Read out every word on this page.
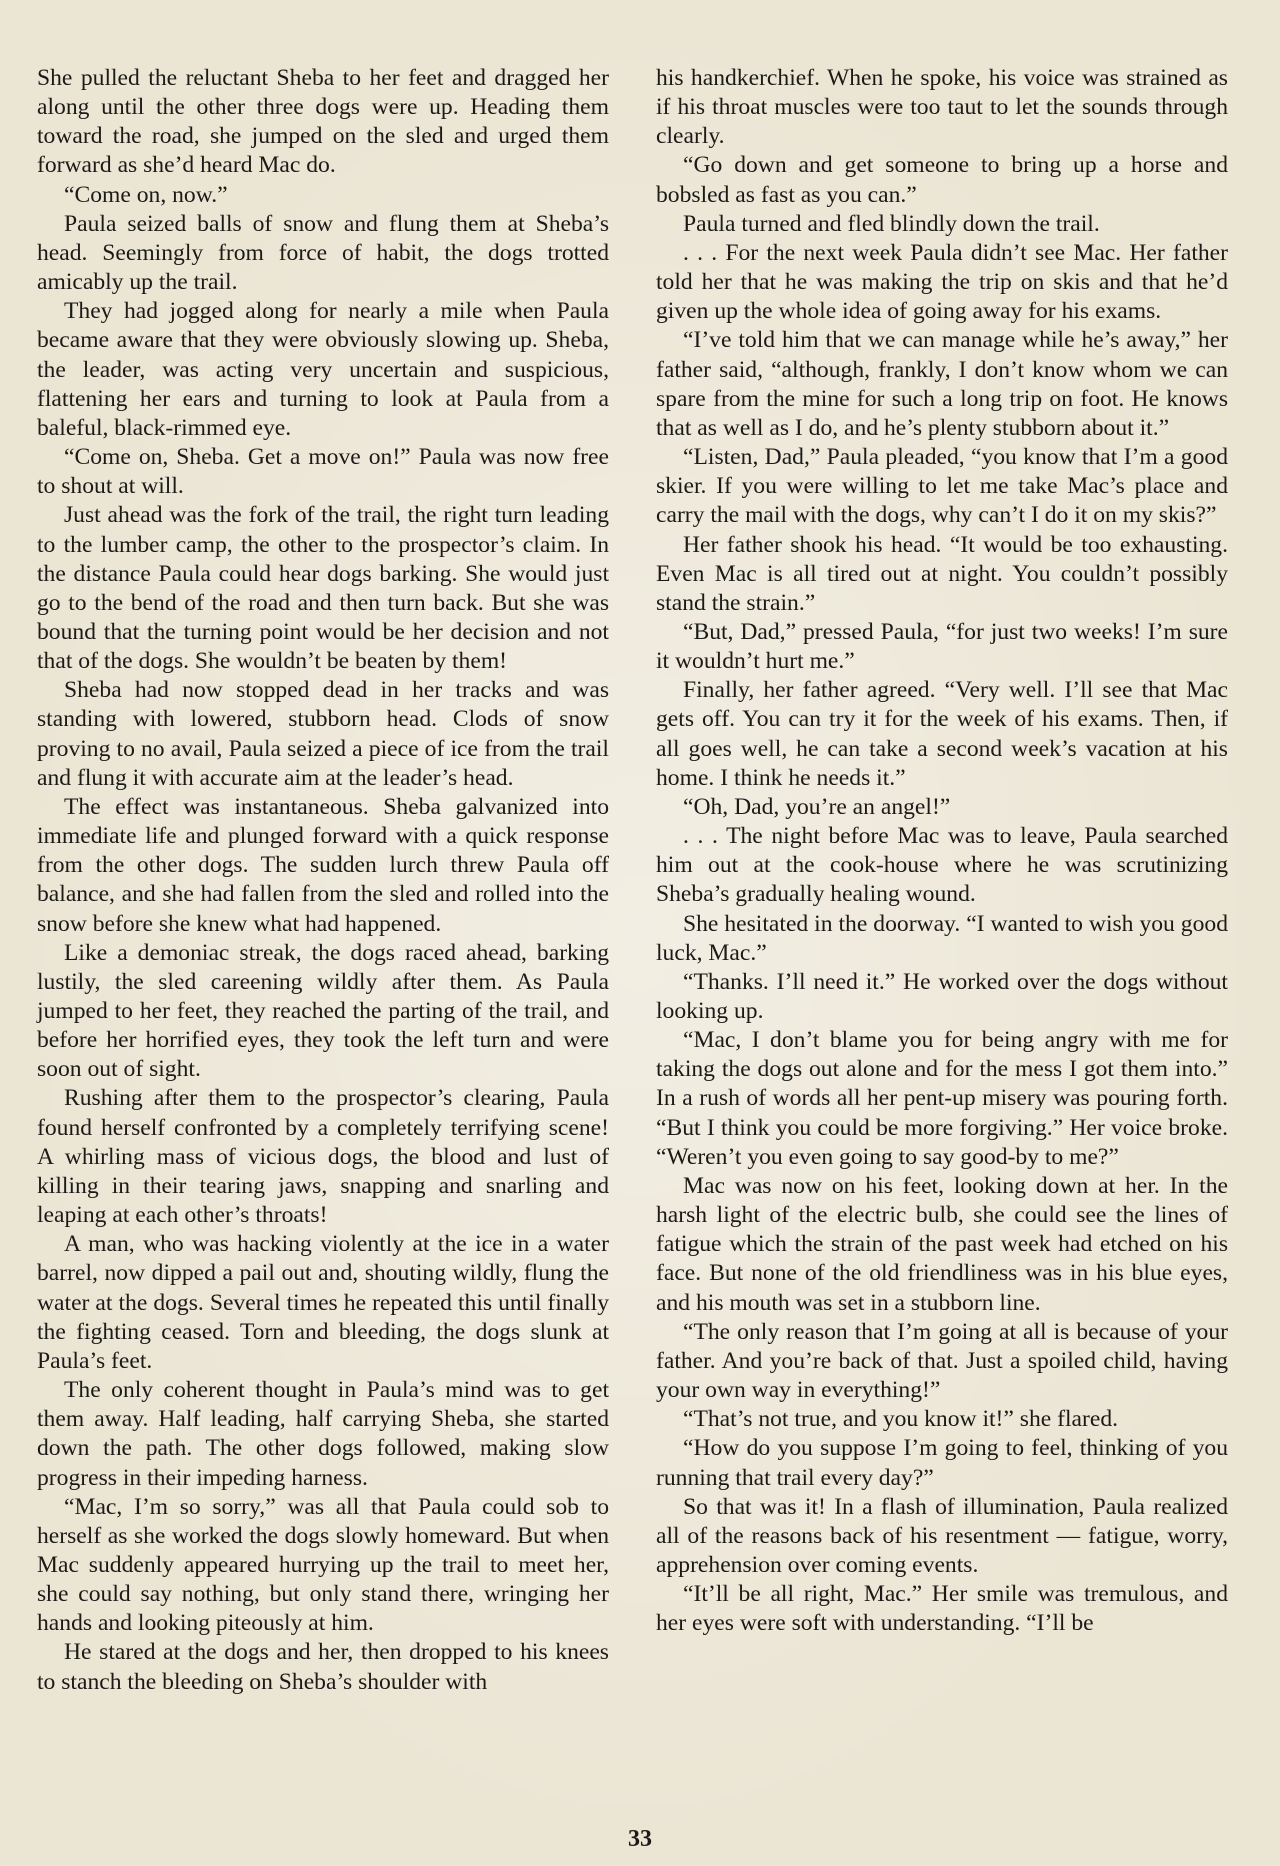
She pulled the reluctant Sheba to her feet and dragged her along until the other three dogs were up. Heading them toward the road, she jumped on the sled and urged them forward as she’d heard Mac do.

“Come on, now.”

Paula seized balls of snow and flung them at Sheba’s head. Seemingly from force of habit, the dogs trotted amicably up the trail.

They had jogged along for nearly a mile when Paula became aware that they were obviously slowing up. Sheba, the leader, was acting very uncertain and suspicious, flattening her ears and turning to look at Paula from a baleful, black-rimmed eye.

“Come on, Sheba. Get a move on!” Paula was now free to shout at will.

Just ahead was the fork of the trail, the right turn leading to the lumber camp, the other to the prospector’s claim. In the distance Paula could hear dogs barking. She would just go to the bend of the road and then turn back. But she was bound that the turning point would be her decision and not that of the dogs. She wouldn’t be beaten by them!

Sheba had now stopped dead in her tracks and was standing with lowered, stubborn head. Clods of snow proving to no avail, Paula seized a piece of ice from the trail and flung it with accurate aim at the leader’s head.

The effect was instantaneous. Sheba galvanized into immediate life and plunged forward with a quick response from the other dogs. The sudden lurch threw Paula off balance, and she had fallen from the sled and rolled into the snow before she knew what had happened.

Like a demoniac streak, the dogs raced ahead, barking lustily, the sled careening wildly after them. As Paula jumped to her feet, they reached the parting of the trail, and before her horrified eyes, they took the left turn and were soon out of sight.

Rushing after them to the prospector’s clearing, Paula found herself confronted by a completely terrifying scene! A whirling mass of vicious dogs, the blood and lust of killing in their tearing jaws, snapping and snarling and leaping at each other’s throats!

A man, who was hacking violently at the ice in a water barrel, now dipped a pail out and, shouting wildly, flung the water at the dogs. Several times he repeated this until finally the fighting ceased. Torn and bleeding, the dogs slunk at Paula’s feet.

The only coherent thought in Paula’s mind was to get them away. Half leading, half carrying Sheba, she started down the path. The other dogs followed, making slow progress in their impeding harness.

“Mac, I’m so sorry,” was all that Paula could sob to herself as she worked the dogs slowly homeward. But when Mac suddenly appeared hurrying up the trail to meet her, she could say nothing, but only stand there, wringing her hands and looking piteously at him.

He stared at the dogs and her, then dropped to his knees to stanch the bleeding on Sheba’s shoulder with

his handkerchief. When he spoke, his voice was strained as if his throat muscles were too taut to let the sounds through clearly.

“Go down and get someone to bring up a horse and bobsled as fast as you can.”

Paula turned and fled blindly down the trail.

. . . For the next week Paula didn’t see Mac. Her father told her that he was making the trip on skis and that he’d given up the whole idea of going away for his exams.

“I’ve told him that we can manage while he’s away,” her father said, “although, frankly, I don’t know whom we can spare from the mine for such a long trip on foot. He knows that as well as I do, and he’s plenty stubborn about it.”

“Listen, Dad,” Paula pleaded, “you know that I’m a good skier. If you were willing to let me take Mac’s place and carry the mail with the dogs, why can’t I do it on my skis?”

Her father shook his head. “It would be too exhausting. Even Mac is all tired out at night. You couldn’t possibly stand the strain.”

“But, Dad,” pressed Paula, “for just two weeks! I’m sure it wouldn’t hurt me.”

Finally, her father agreed. “Very well. I’ll see that Mac gets off. You can try it for the week of his exams. Then, if all goes well, he can take a second week’s vacation at his home. I think he needs it.”

“Oh, Dad, you’re an angel!”

. . . The night before Mac was to leave, Paula searched him out at the cook-house where he was scrutinizing Sheba’s gradually healing wound.

She hesitated in the doorway. “I wanted to wish you good luck, Mac.”

“Thanks. I’ll need it.” He worked over the dogs without looking up.

“Mac, I don’t blame you for being angry with me for taking the dogs out alone and for the mess I got them into.” In a rush of words all her pent-up misery was pouring forth. “But I think you could be more forgiving.” Her voice broke. “Weren’t you even going to say good-by to me?”

Mac was now on his feet, looking down at her. In the harsh light of the electric bulb, she could see the lines of fatigue which the strain of the past week had etched on his face. But none of the old friendliness was in his blue eyes, and his mouth was set in a stubborn line.

“The only reason that I’m going at all is because of your father. And you’re back of that. Just a spoiled child, having your own way in everything!”

“That’s not true, and you know it!” she flared.

“How do you suppose I’m going to feel, thinking of you running that trail every day?”

So that was it! In a flash of illumination, Paula realized all of the reasons back of his resentment — fatigue, worry, apprehension over coming events.

“It’ll be all right, Mac.” Her smile was tremulous, and her eyes were soft with understanding. “I’ll be

33
